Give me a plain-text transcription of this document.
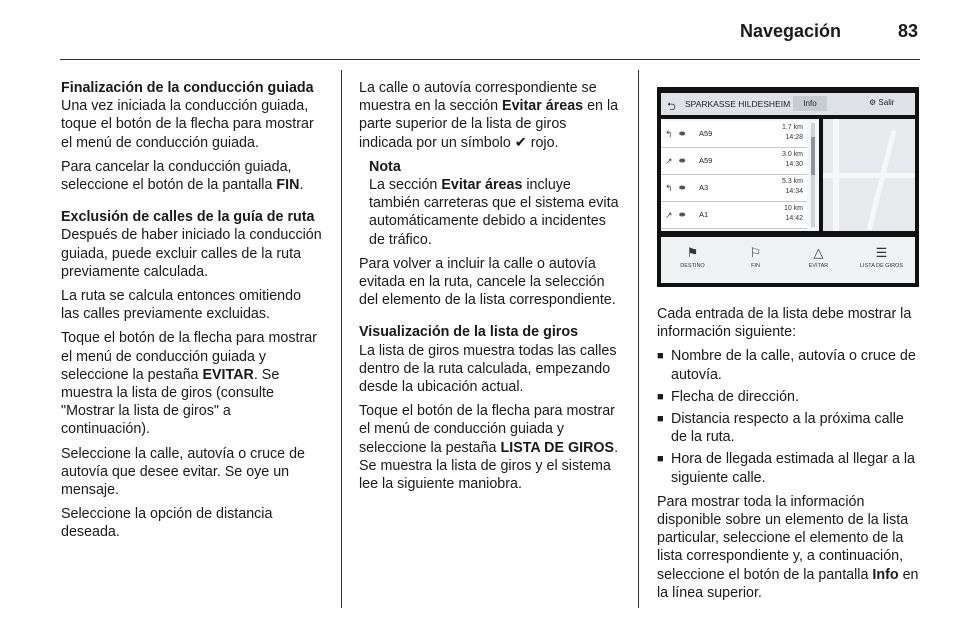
Navegación	83
Finalización de la conducción guiada

Una vez iniciada la conducción guiada, toque el botón de la flecha para mostrar el menú de conducción guiada.

Para cancelar la conducción guiada, seleccione el botón de la pantalla FIN.

Exclusión de calles de la guía de ruta

Después de haber iniciado la conducción guiada, puede excluir calles de la ruta previamente calculada.

La ruta se calcula entonces omitiendo las calles previamente excluidas.

Toque el botón de la flecha para mostrar el menú de conducción guiada y seleccione la pestaña EVITAR. Se muestra la lista de giros (consulte "Mostrar la lista de giros" a continuación).

Seleccione la calle, autovía o cruce de autovía que desee evitar. Se oye un mensaje.

Seleccione la opción de distancia deseada.

La calle o autovía correspondiente se muestra en la sección Evitar áreas en la parte superior de la lista de giros indicada por un símbolo ✔ rojo.

Nota
La sección Evitar áreas incluye también carreteras que el sistema evita automáticamente debido a incidentes de tráfico.

Para volver a incluir la calle o autovía evitada en la ruta, cancele la selección del elemento de la lista correspondiente.

Visualización de la lista de giros

La lista de giros muestra todas las calles dentro de la ruta calculada, empezando desde la ubicación actual.

Toque el botón de la flecha para mostrar el menú de conducción guiada y seleccione la pestaña LISTA DE GIROS. Se muestra la lista de giros y el sistema lee la siguiente maniobra.

⮌ SPARKASSE HILDESHEIM	Info	⚙ Salir
↰ ⬬ A59
1.7 km
14:28
↗ ⬬ A59
3.0 km
14:30
↰ ⬬ A3
5.3 km
14:34
↗ ⬬ A1
10 km
14:42
⚑
DESTINO
⚐
FIN
△
EVITAR
☰
LISTA DE GIROS

Cada entrada de la lista debe mostrar la información siguiente:

■ Nombre de la calle, autovía o cruce de autovía.
■ Flecha de dirección.
■ Distancia respecto a la próxima calle de la ruta.
■ Hora de llegada estimada al llegar a la siguiente calle.

Para mostrar toda la información disponible sobre un elemento de la lista particular, seleccione el elemento de la lista correspondiente y, a continuación, seleccione el botón de la pantalla Info en la línea superior.
